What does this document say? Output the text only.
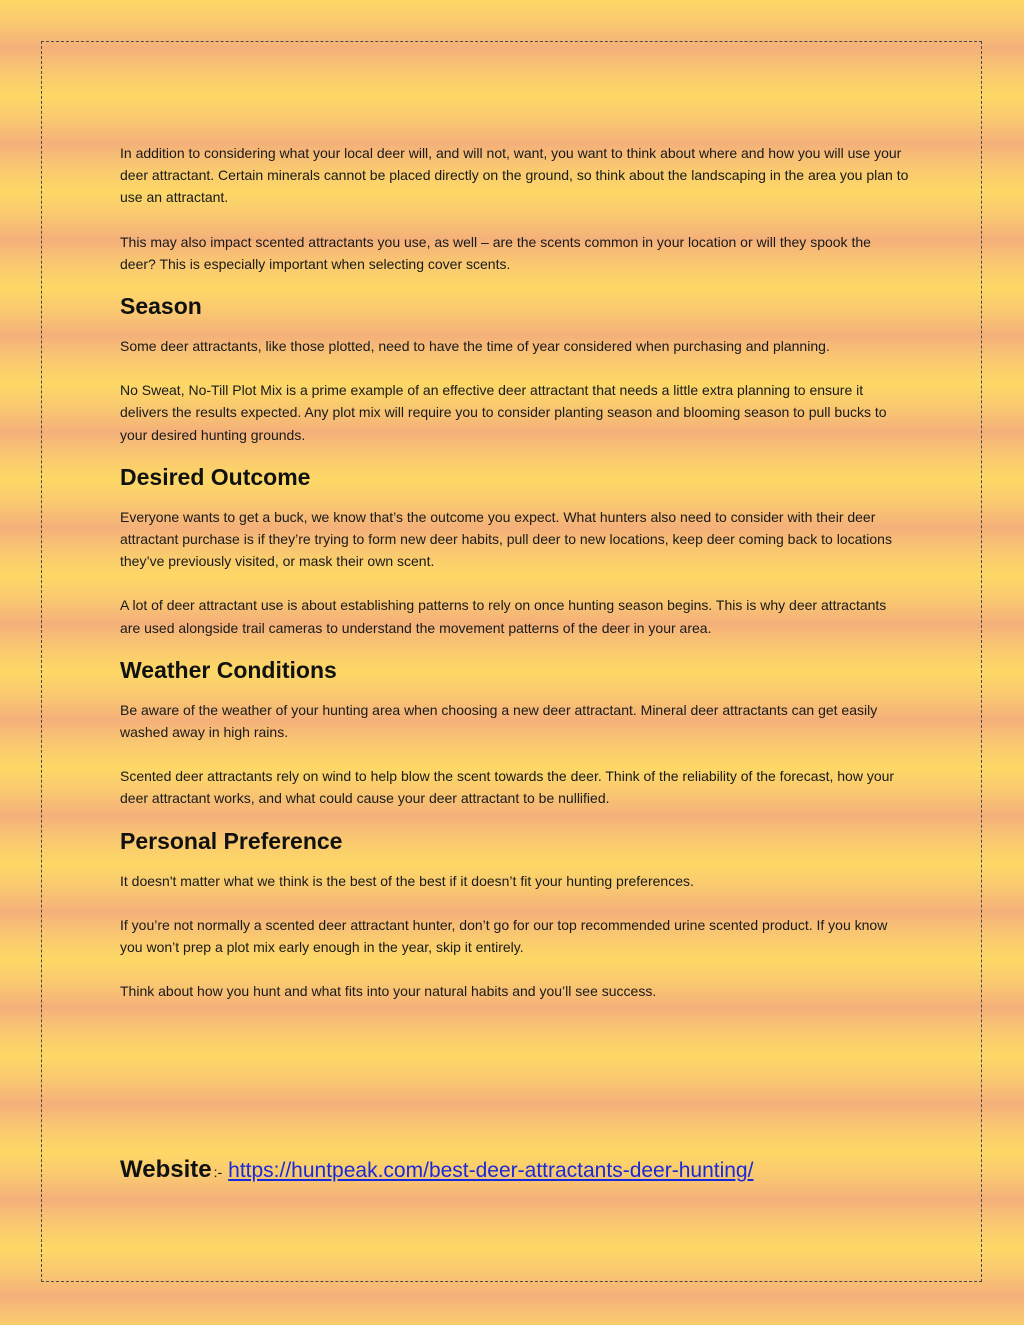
In addition to considering what your local deer will, and will not, want, you want to think about where and how you will use your deer attractant. Certain minerals cannot be placed directly on the ground, so think about the landscaping in the area you plan to use an attractant.

This may also impact scented attractants you use, as well – are the scents common in your location or will they spook the deer? This is especially important when selecting cover scents.

Season

Some deer attractants, like those plotted, need to have the time of year considered when purchasing and planning.

No Sweat, No-Till Plot Mix is a prime example of an effective deer attractant that needs a little extra planning to ensure it delivers the results expected. Any plot mix will require you to consider planting season and blooming season to pull bucks to your desired hunting grounds.

Desired Outcome

Everyone wants to get a buck, we know that’s the outcome you expect. What hunters also need to consider with their deer attractant purchase is if they’re trying to form new deer habits, pull deer to new locations, keep deer coming back to locations they’ve previously visited, or mask their own scent.

A lot of deer attractant use is about establishing patterns to rely on once hunting season begins. This is why deer attractants are used alongside trail cameras to understand the movement patterns of the deer in your area.

Weather Conditions

Be aware of the weather of your hunting area when choosing a new deer attractant. Mineral deer attractants can get easily washed away in high rains.

Scented deer attractants rely on wind to help blow the scent towards the deer. Think of the reliability of the forecast, how your deer attractant works, and what could cause your deer attractant to be nullified.

Personal Preference

It doesn't matter what we think is the best of the best if it doesn’t fit your hunting preferences.

If you’re not normally a scented deer attractant hunter, don’t go for our top recommended urine scented product. If you know you won’t prep a plot mix early enough in the year, skip it entirely.

Think about how you hunt and what fits into your natural habits and you’ll see success.

Website :- https://huntpeak.com/best-deer-attractants-deer-hunting/
